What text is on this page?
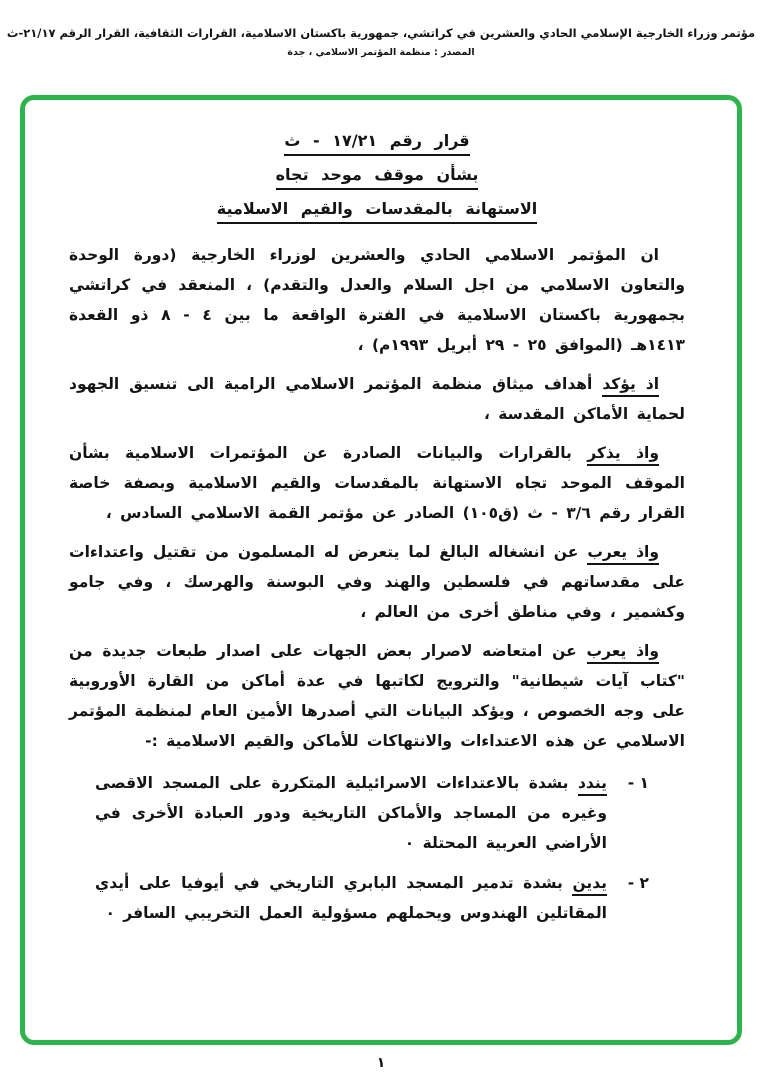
مؤتمر وزراء الخارجية الإسلامي الحادي والعشرين في كراتشي، جمهورية باكستان الاسلامية، القرارات الثقافية، القرار الرقم ٢١/١٧-ث
المصدر : منظمة المؤتمر الاسلامي ، جدة
قرار رقم ١٧/٢١ - ث
بشأن موقف موحد تجاه
الاستهانة بالمقدسات والقيم الاسلامية

ان المؤتمر الاسلامي الحادي والعشرين لوزراء الخارجية (دورة الوحدة والتعاون الاسلامي من اجل السلام والعدل والتقدم) ، المنعقد في كراتشي بجمهورية باكستان الاسلامية في الفترة الواقعة ما بين ٤ - ٨ ذو القعدة ١٤١٣هـ (الموافق ٢٥ - ٢٩ أبريل ١٩٩٣م) ،

اذ يؤكد أهداف ميثاق منظمة المؤتمر الاسلامي الرامية الى تنسيق الجهود لحماية الأماكن المقدسة ،

واذ يذكر بالقرارات والبيانات الصادرة عن المؤتمرات الاسلامية بشأن الموقف الموحد تجاه الاستهانة بالمقدسات والقيم الاسلامية وبصفة خاصة القرار رقم ٣/٦ - ث (ق١٠٥) الصادر عن مؤتمر القمة الاسلامي السادس ،

واذ يعرب عن انشغاله البالغ لما يتعرض له المسلمون من تقتيل واعتداءات على مقدساتهم في فلسطين والهند وفي البوسنة والهرسك ، وفي جامو وكشمير ، وفي مناطق أخرى من العالم ،

واذ يعرب عن امتعاضه لاصرار بعض الجهات على اصدار طبعات جديدة من "كتاب آيات شيطانية" والترويج لكاتبها في عدة أماكن من القارة الأوروبية على وجه الخصوص ، ويؤكد البيانات التي أصدرها الأمين العام لمنظمة المؤتمر الاسلامي عن هذه الاعتداءات والانتهاكات للأماكن والقيم الاسلامية :-

١ -
يندد بشدة بالاعتداءات الاسرائيلية المتكررة على المسجد الاقصى وغيره من المساجد والأماكن التاريخية ودور العبادة الأخرى في الأراضي العربية المحتلة ٠
٢ -
يدين بشدة تدمير المسجد البابري التاريخي في أيوفيا على أيدي المقاتلين الهندوس ويحملهم مسؤولية العمل التخريبي السافر ٠
١
